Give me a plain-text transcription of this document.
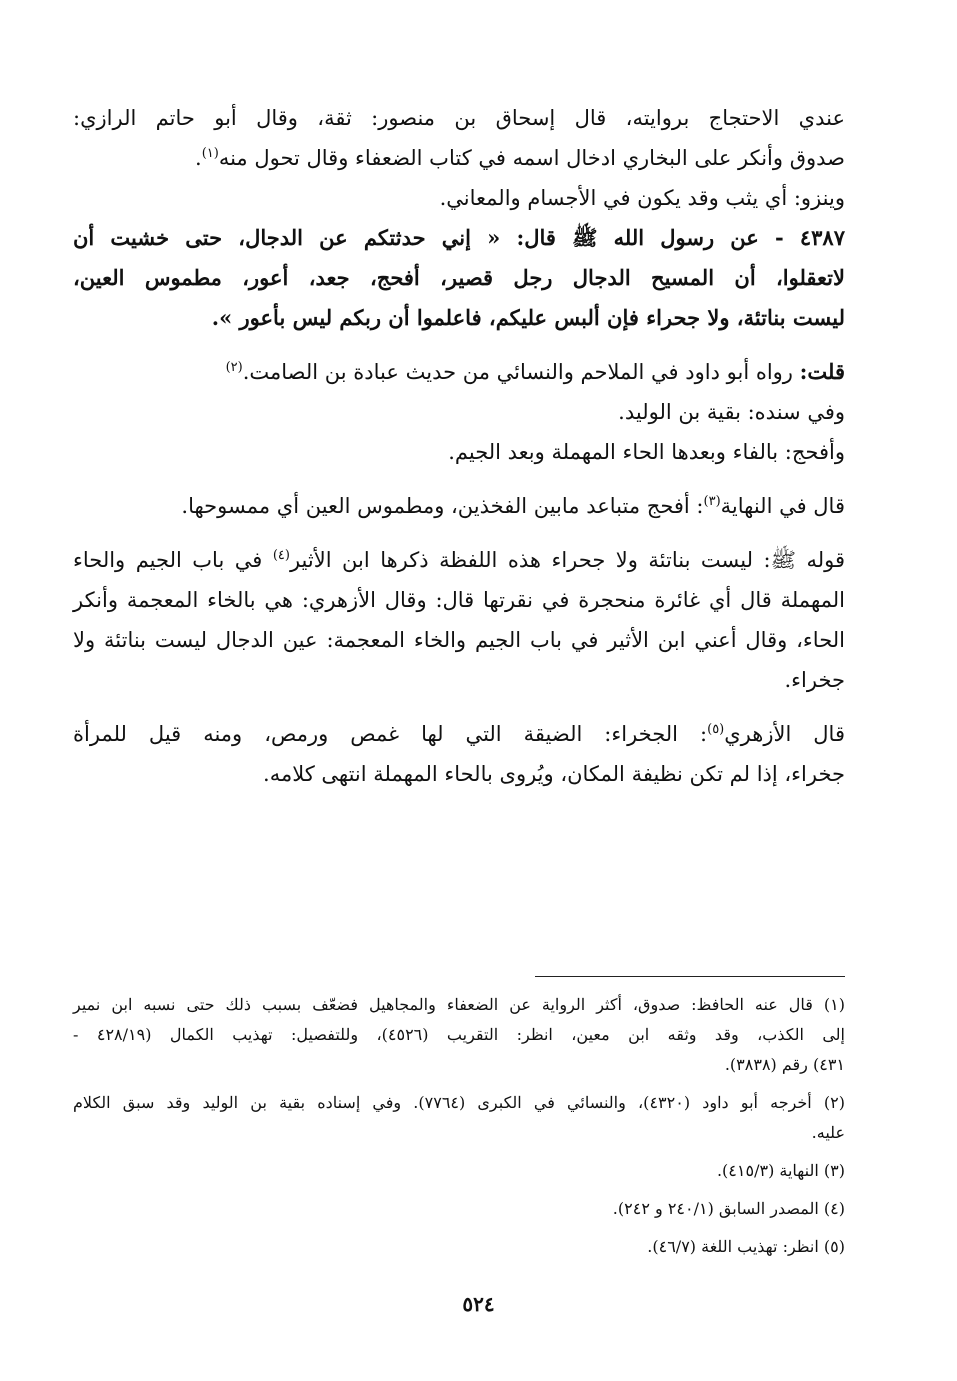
عندي الاحتجاج بروايته، قال إسحاق بن منصور: ثقة، وقال أبو حاتم الرازي:
صدوق وأنكر على البخاري ادخال اسمه في كتاب الضعفاء وقال تحول منه$^{(١)}$.
وينزو: أي يثب وقد يكون في الأجسام والمعاني.
٤٣٨٧ - عن رسول الله ﷺ قال: « إني حدثتكم عن الدجال، حتى خشيت أن
لاتعقلوا، أن المسيح الدجال رجل قصير، أفحج، جعد، أعور، مطموس العين،
ليست بناتئة، ولا جحراء فإن ألبس عليكم، فاعلموا أن ربكم ليس بأعور ».
قلت: رواه أبو داود في الملاحم والنسائي من حديث عبادة بن الصامت.$^{(٢)}$
وفي سنده: بقية بن الوليد.
وأفحج: بالفاء وبعدها الحاء المهملة وبعد الجيم.
قال في النهاية$^{(٣)}$: أفحج متباعد مابين الفخذين، ومطموس العين أي ممسوحها.
قوله ﷺ: ليست بناتئة ولا جحراء هذه اللفظة ذكرها ابن الأثير$^{(٤)}$ في باب الجيم والحاء
المهملة قال أي غائرة منحجرة في نقرتها قال: وقال الأزهري: هي بالخاء المعجمة وأنكر
الحاء، وقال أعني ابن الأثير في باب الجيم والخاء المعجمة: عين الدجال ليست بناتئة ولا
جخراء.
قال الأزهري$^{(٥)}$: الجخراء: الضيقة التي لها غمص ورمص، ومنه قيل للمرأة
جخراء، إذا لم تكن نظيفة المكان، ويُروى بالحاء المهملة انتهى كلامه.
(١) قال عنه الحافظ: صدوق، أكثر الرواية عن الضعفاء والمجاهيل فضعّف بسبب ذلك حتى نسبه ابن نمير
إلى الكذب، وقد وثقه ابن معين، انظر: التقريب (٤٥٢٦)، وللتفصيل: تهذيب الكمال (٤٢٨/١٩ -
٤٣١) رقم (٣٨٣٨).
(٢) أخرجه أبو داود (٤٣٢٠)، والنسائي في الكبرى (٧٧٦٤). وفي إسناده بقية بن الوليد وقد سبق الكلام
عليه.
(٣) النهاية (٤١٥/٣).
(٤) المصدر السابق (٢٤٠/١ و ٢٤٢).
(٥) انظر: تهذيب اللغة (٤٦/٧).
٥٢٤
